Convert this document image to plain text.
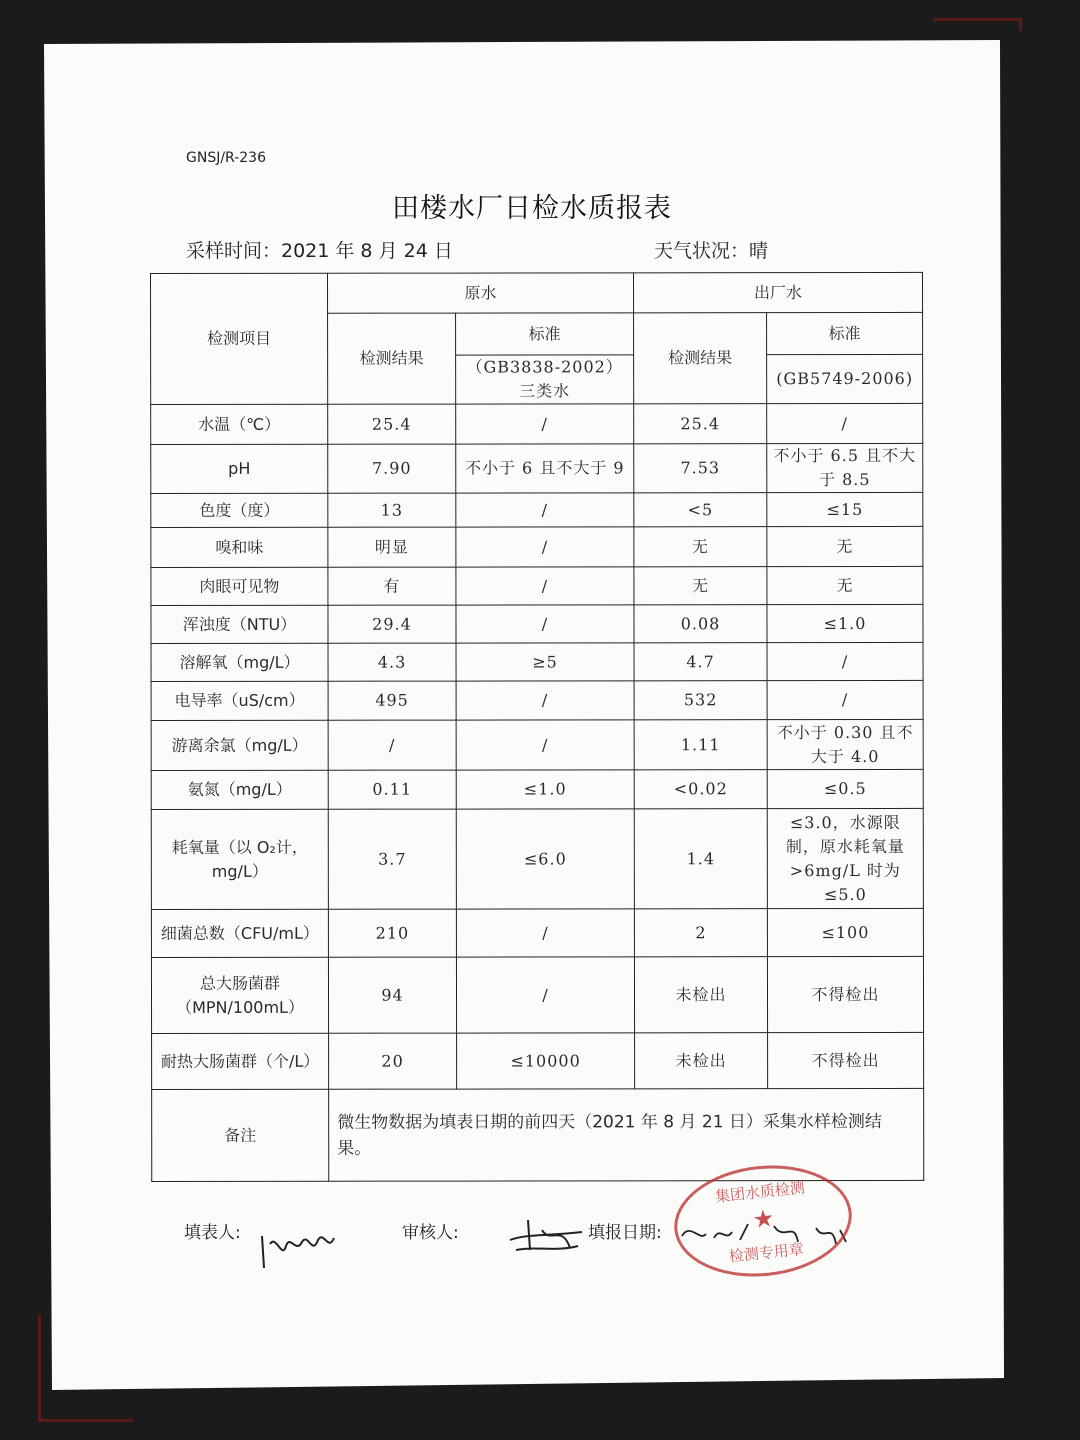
GNSJ/R-236
田楼水厂日检水质报表
采样时间：2021 年 8 月 24 日	天气状况：晴
检测项目	原水		出厂水	
	检测结果	标准	检测结果	标准
		（GB3838-2002）三类水		(GB5749-2006)
水温（℃）	25.4	/	25.4	/
pH	7.90	不小于 6 且不大于 9	7.53	不小于 6.5 且不大于 8.5
色度（度）	13	/	<5	≤15
嗅和味	明显	/	无	无
肉眼可见物	有	/	无	无
浑浊度（NTU）	29.4	/	0.08	≤1.0
溶解氧（mg/L）	4.3	≥5	4.7	/
电导率（uS/cm）	495	/	532	/
游离余氯（mg/L）	/	/	1.11	不小于 0.30 且不大于 4.0
氨氮（mg/L）	0.11	≤1.0	<0.02	≤0.5
耗氧量（以 O₂计，mg/L）	3.7	≤6.0	1.4	≤3.0，水源限制，原水耗氧量>6mg/L 时为≤5.0
细菌总数（CFU/mL）	210	/	2	≤100
总大肠菌群（MPN/100mL）	94	/	未检出	不得检出
耐热大肠菌群（个/L）	20	≤10000	未检出	不得检出
备注	微生物数据为填表日期的前四天（2021 年 8 月 21 日）采集水样检测结果。			
填表人:	审核人:	填报日期:
集团水质检测
★
检测专用章
